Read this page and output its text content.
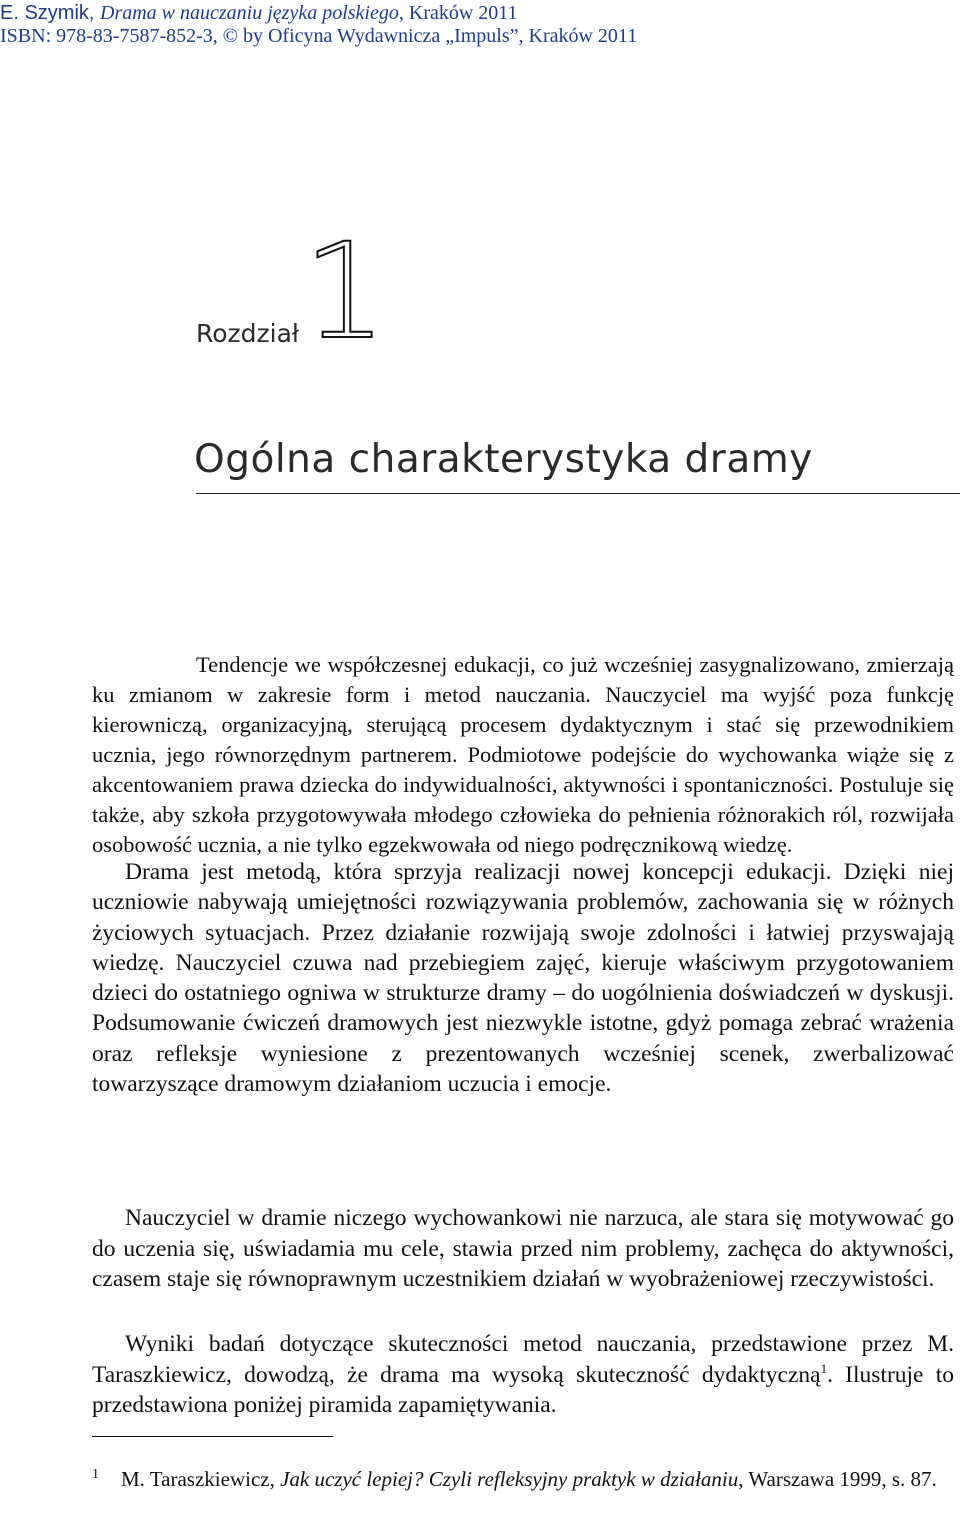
E. Szymik, Drama w nauczaniu języka polskiego, Kraków 2011
ISBN: 978-83-7587-852-3, © by Oficyna Wydawnicza „Impuls”, Kraków 2011
Rozdział 1
Ogólna charakterystyka dramy

Tendencje we współczesnej edukacji, co już wcześniej zasygnalizowano, zmierzają ku zmianom w zakresie form i metod nauczania. Nauczyciel ma wyjść poza funkcję kierowniczą, organizacyjną, sterującą procesem dydaktycznym i stać się przewodnikiem ucznia, jego równorzędnym partnerem. Podmiotowe podejście do wychowanka wiąże się z akcentowaniem prawa dziecka do indywidualności, aktywności i spontaniczności. Postuluje się także, aby szkoła przygotowywała młodego człowieka do pełnienia różnorakich ról, rozwijała osobowość ucznia, a nie tylko egzekwowała od niego podręcznikową wiedzę.

Drama jest metodą, która sprzyja realizacji nowej koncepcji edukacji. Dzięki niej uczniowie nabywają umiejętności rozwiązywania problemów, zachowania się w różnych życiowych sytuacjach. Przez działanie rozwijają swoje zdolności i łatwiej przyswajają wiedzę. Nauczyciel czuwa nad przebiegiem zajęć, kieruje właściwym przygotowaniem dzieci do ostatniego ogniwa w strukturze dramy – do uogólnienia doświadczeń w dyskusji. Podsumowanie ćwiczeń dramowych jest niezwykle istotne, gdyż pomaga zebrać wrażenia oraz refleksje wyniesione z prezentowanych wcześniej scenek, zwerbalizować towarzyszące dramowym działaniom uczucia i emocje.

Nauczyciel w dramie niczego wychowankowi nie narzuca, ale stara się motywować go do uczenia się, uświadamia mu cele, stawia przed nim problemy, zachęca do aktywności, czasem staje się równoprawnym uczestnikiem działań w wyobrażeniowej rzeczywistości.

Wyniki badań dotyczące skuteczności metod nauczania, przedstawione przez M. Taraszkiewicz, dowodzą, że drama ma wysoką skuteczność dydaktyczną$^1$. Ilustruje to przedstawiona poniżej piramida zapamiętywania.

$^1$ M. Taraszkiewicz, Jak uczyć lepiej? Czyli refleksyjny praktyk w działaniu, Warszawa 1999, s. 87.
